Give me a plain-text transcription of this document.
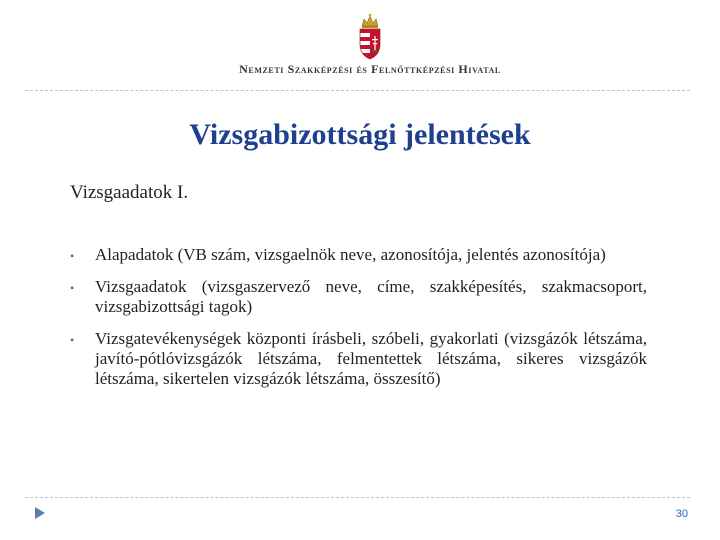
Nemzeti Szakképzési és Felnőttképzési Hivatal
Vizsgabizottsági jelentések
Vizsgaadatok I.
• Alapadatok (VB szám, vizsgaelnök neve, azonosítója, jelentés azonosítója)
• Vizsgaadatok (vizsgaszervező neve, címe, szakképesítés, szakmacsoport, vizsgabizottsági tagok)
• Vizsgatevékenységek központi írásbeli, szóbeli, gyakorlati (vizsgázók létszáma, javító-pótlóvizsgázók létszáma, felmentettek létszáma, sikeres vizsgázók létszáma, sikertelen vizsgázók létszáma, összesítő)
30
